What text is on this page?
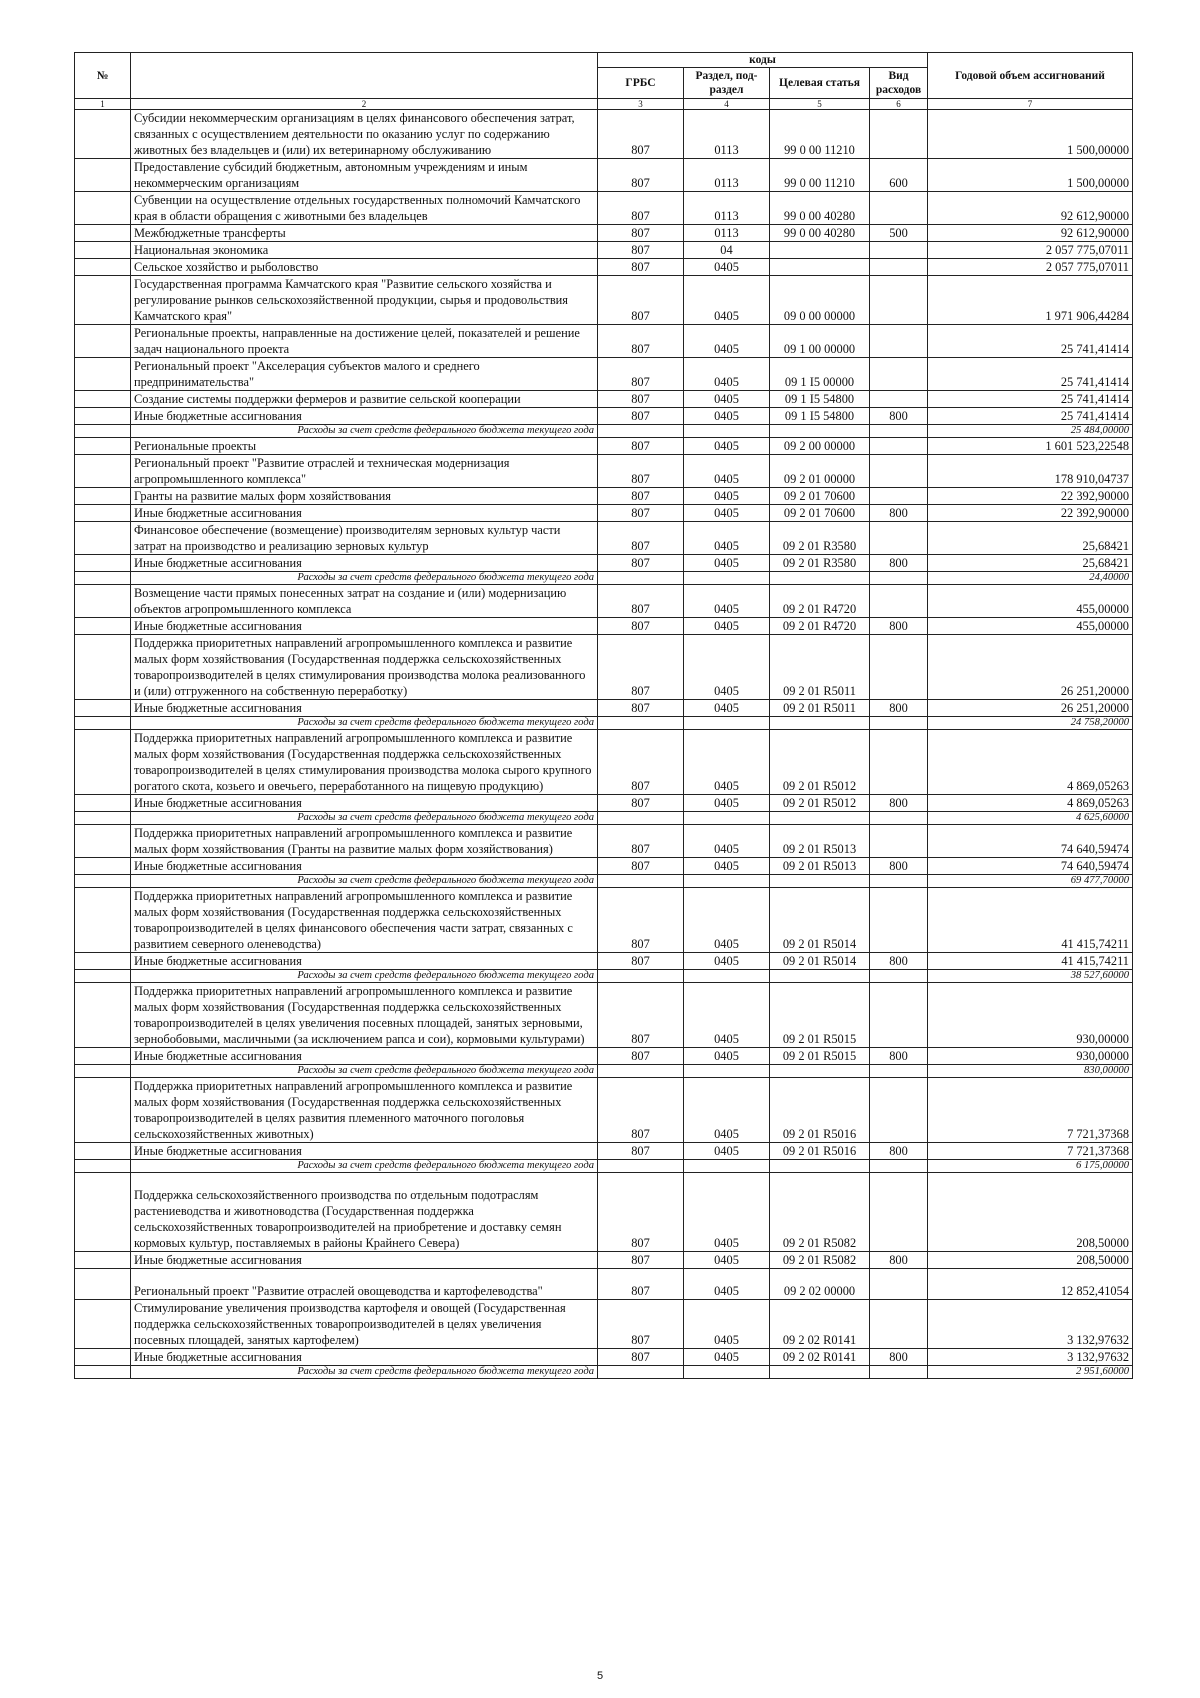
№		коды				Годовой объем ассигнований
		ГРБС	Раздел, под-раздел	Целевая статья	Вид расходов	
1	2	3	4	5	6	7
	Субсидии некоммерческим организациям в целях финансового обеспечения затрат, связанных с осуществлением деятельности по оказанию услуг по содержанию животных без владельцев и (или) их ветеринарному обслуживанию	807	0113	99 0 00 11210		1 500,00000
	Предоставление субсидий бюджетным, автономным учреждениям и иным некоммерческим организациям	807	0113	99 0 00 11210	600	1 500,00000
	Субвенции на осуществление отдельных государственных полномочий Камчатского края в области обращения с животными без владельцев	807	0113	99 0 00 40280		92 612,90000
	Межбюджетные трансферты	807	0113	99 0 00 40280	500	92 612,90000
	Национальная экономика	807	04			2 057 775,07011
	Сельское хозяйство и рыболовство	807	0405			2 057 775,07011
	Государственная программа Камчатского края "Развитие сельского хозяйства и регулирование рынков сельскохозяйственной продукции, сырья и продовольствия Камчатского края"	807	0405	09 0 00 00000		1 971 906,44284
	Региональные проекты, направленные на достижение целей, показателей и решение задач национального проекта	807	0405	09 1 00 00000		25 741,41414
	Региональный проект "Акселерация субъектов малого и среднего предпринимательства"	807	0405	09 1 I5 00000		25 741,41414
	Создание системы поддержки фермеров и развитие сельской кооперации	807	0405	09 1 I5 54800		25 741,41414
	Иные бюджетные ассигнования	807	0405	09 1 I5 54800	800	25 741,41414
	Расходы за счет средств федерального бюджета текущего года					25 484,00000
	Региональные проекты	807	0405	09 2 00 00000		1 601 523,22548
	Региональный проект "Развитие отраслей и техническая модернизация агропромышленного комплекса"	807	0405	09 2 01 00000		178 910,04737
	Гранты на развитие малых форм хозяйствования	807	0405	09 2 01 70600		22 392,90000
	Иные бюджетные ассигнования	807	0405	09 2 01 70600	800	22 392,90000
	Финансовое обеспечение (возмещение) производителям зерновых культур части затрат на производство и реализацию зерновых культур	807	0405	09 2 01 R3580		25,68421
	Иные бюджетные ассигнования	807	0405	09 2 01 R3580	800	25,68421
	Расходы за счет средств федерального бюджета текущего года					24,40000
	Возмещение части прямых понесенных затрат на создание и (или) модернизацию объектов агропромышленного комплекса	807	0405	09 2 01 R4720		455,00000
	Иные бюджетные ассигнования	807	0405	09 2 01 R4720	800	455,00000
	Поддержка приоритетных направлений агропромышленного комплекса и развитие малых форм хозяйствования (Государственная поддержка сельскохозяйственных товаропроизводителей в целях стимулирования производства молока реализованного и (или) отгруженного на собственную переработку)	807	0405	09 2 01 R5011		26 251,20000
	Иные бюджетные ассигнования	807	0405	09 2 01 R5011	800	26 251,20000
	Расходы за счет средств федерального бюджета текущего года					24 758,20000
	Поддержка приоритетных направлений агропромышленного комплекса и развитие малых форм хозяйствования (Государственная поддержка сельскохозяйственных товаропроизводителей в целях стимулирования производства молока сырого крупного рогатого скота, козьего и овечьего, переработанного на пищевую продукцию)	807	0405	09 2 01 R5012		4 869,05263
	Иные бюджетные ассигнования	807	0405	09 2 01 R5012	800	4 869,05263
	Расходы за счет средств федерального бюджета текущего года					4 625,60000
	Поддержка приоритетных направлений агропромышленного комплекса и развитие малых форм хозяйствования (Гранты на развитие малых форм хозяйствования)	807	0405	09 2 01 R5013		74 640,59474
	Иные бюджетные ассигнования	807	0405	09 2 01 R5013	800	74 640,59474
	Расходы за счет средств федерального бюджета текущего года					69 477,70000
	Поддержка приоритетных направлений агропромышленного комплекса и развитие малых форм хозяйствования (Государственная поддержка сельскохозяйственных товаропроизводителей в целях финансового обеспечения части затрат, связанных с развитием северного оленеводства)	807	0405	09 2 01 R5014		41 415,74211
	Иные бюджетные ассигнования	807	0405	09 2 01 R5014	800	41 415,74211
	Расходы за счет средств федерального бюджета текущего года					38 527,60000
	Поддержка приоритетных направлений агропромышленного комплекса и развитие малых форм хозяйствования (Государственная поддержка сельскохозяйственных товаропроизводителей в целях увеличения посевных площадей, занятых зерновыми, зернобобовыми, масличными (за исключением рапса и сои), кормовыми культурами)	807	0405	09 2 01 R5015		930,00000
	Иные бюджетные ассигнования	807	0405	09 2 01 R5015	800	930,00000
	Расходы за счет средств федерального бюджета текущего года					830,00000
	Поддержка приоритетных направлений агропромышленного комплекса и развитие малых форм хозяйствования (Государственная поддержка сельскохозяйственных товаропроизводителей в целях развития племенного маточного поголовья сельскохозяйственных животных)	807	0405	09 2 01 R5016		7 721,37368
	Иные бюджетные ассигнования	807	0405	09 2 01 R5016	800	7 721,37368
	Расходы за счет средств федерального бюджета текущего года					6 175,00000
	Поддержка сельскохозяйственного производства по отдельным подотраслям растениеводства и животноводства (Государственная поддержка сельскохозяйственных товаропроизводителей на приобретение и доставку семян кормовых культур, поставляемых в районы Крайнего Севера)	807	0405	09 2 01 R5082		208,50000
	Иные бюджетные ассигнования	807	0405	09 2 01 R5082	800	208,50000
	Региональный проект "Развитие отраслей овощеводства и картофелеводства"	807	0405	09 2 02 00000		12 852,41054
	Стимулирование увеличения производства картофеля и овощей (Государственная поддержка сельскохозяйственных товаропроизводителей в целях увеличения посевных площадей, занятых картофелем)	807	0405	09 2 02 R0141		3 132,97632
	Иные бюджетные ассигнования	807	0405	09 2 02 R0141	800	3 132,97632
	Расходы за счет средств федерального бюджета текущего года					2 951,60000
5
